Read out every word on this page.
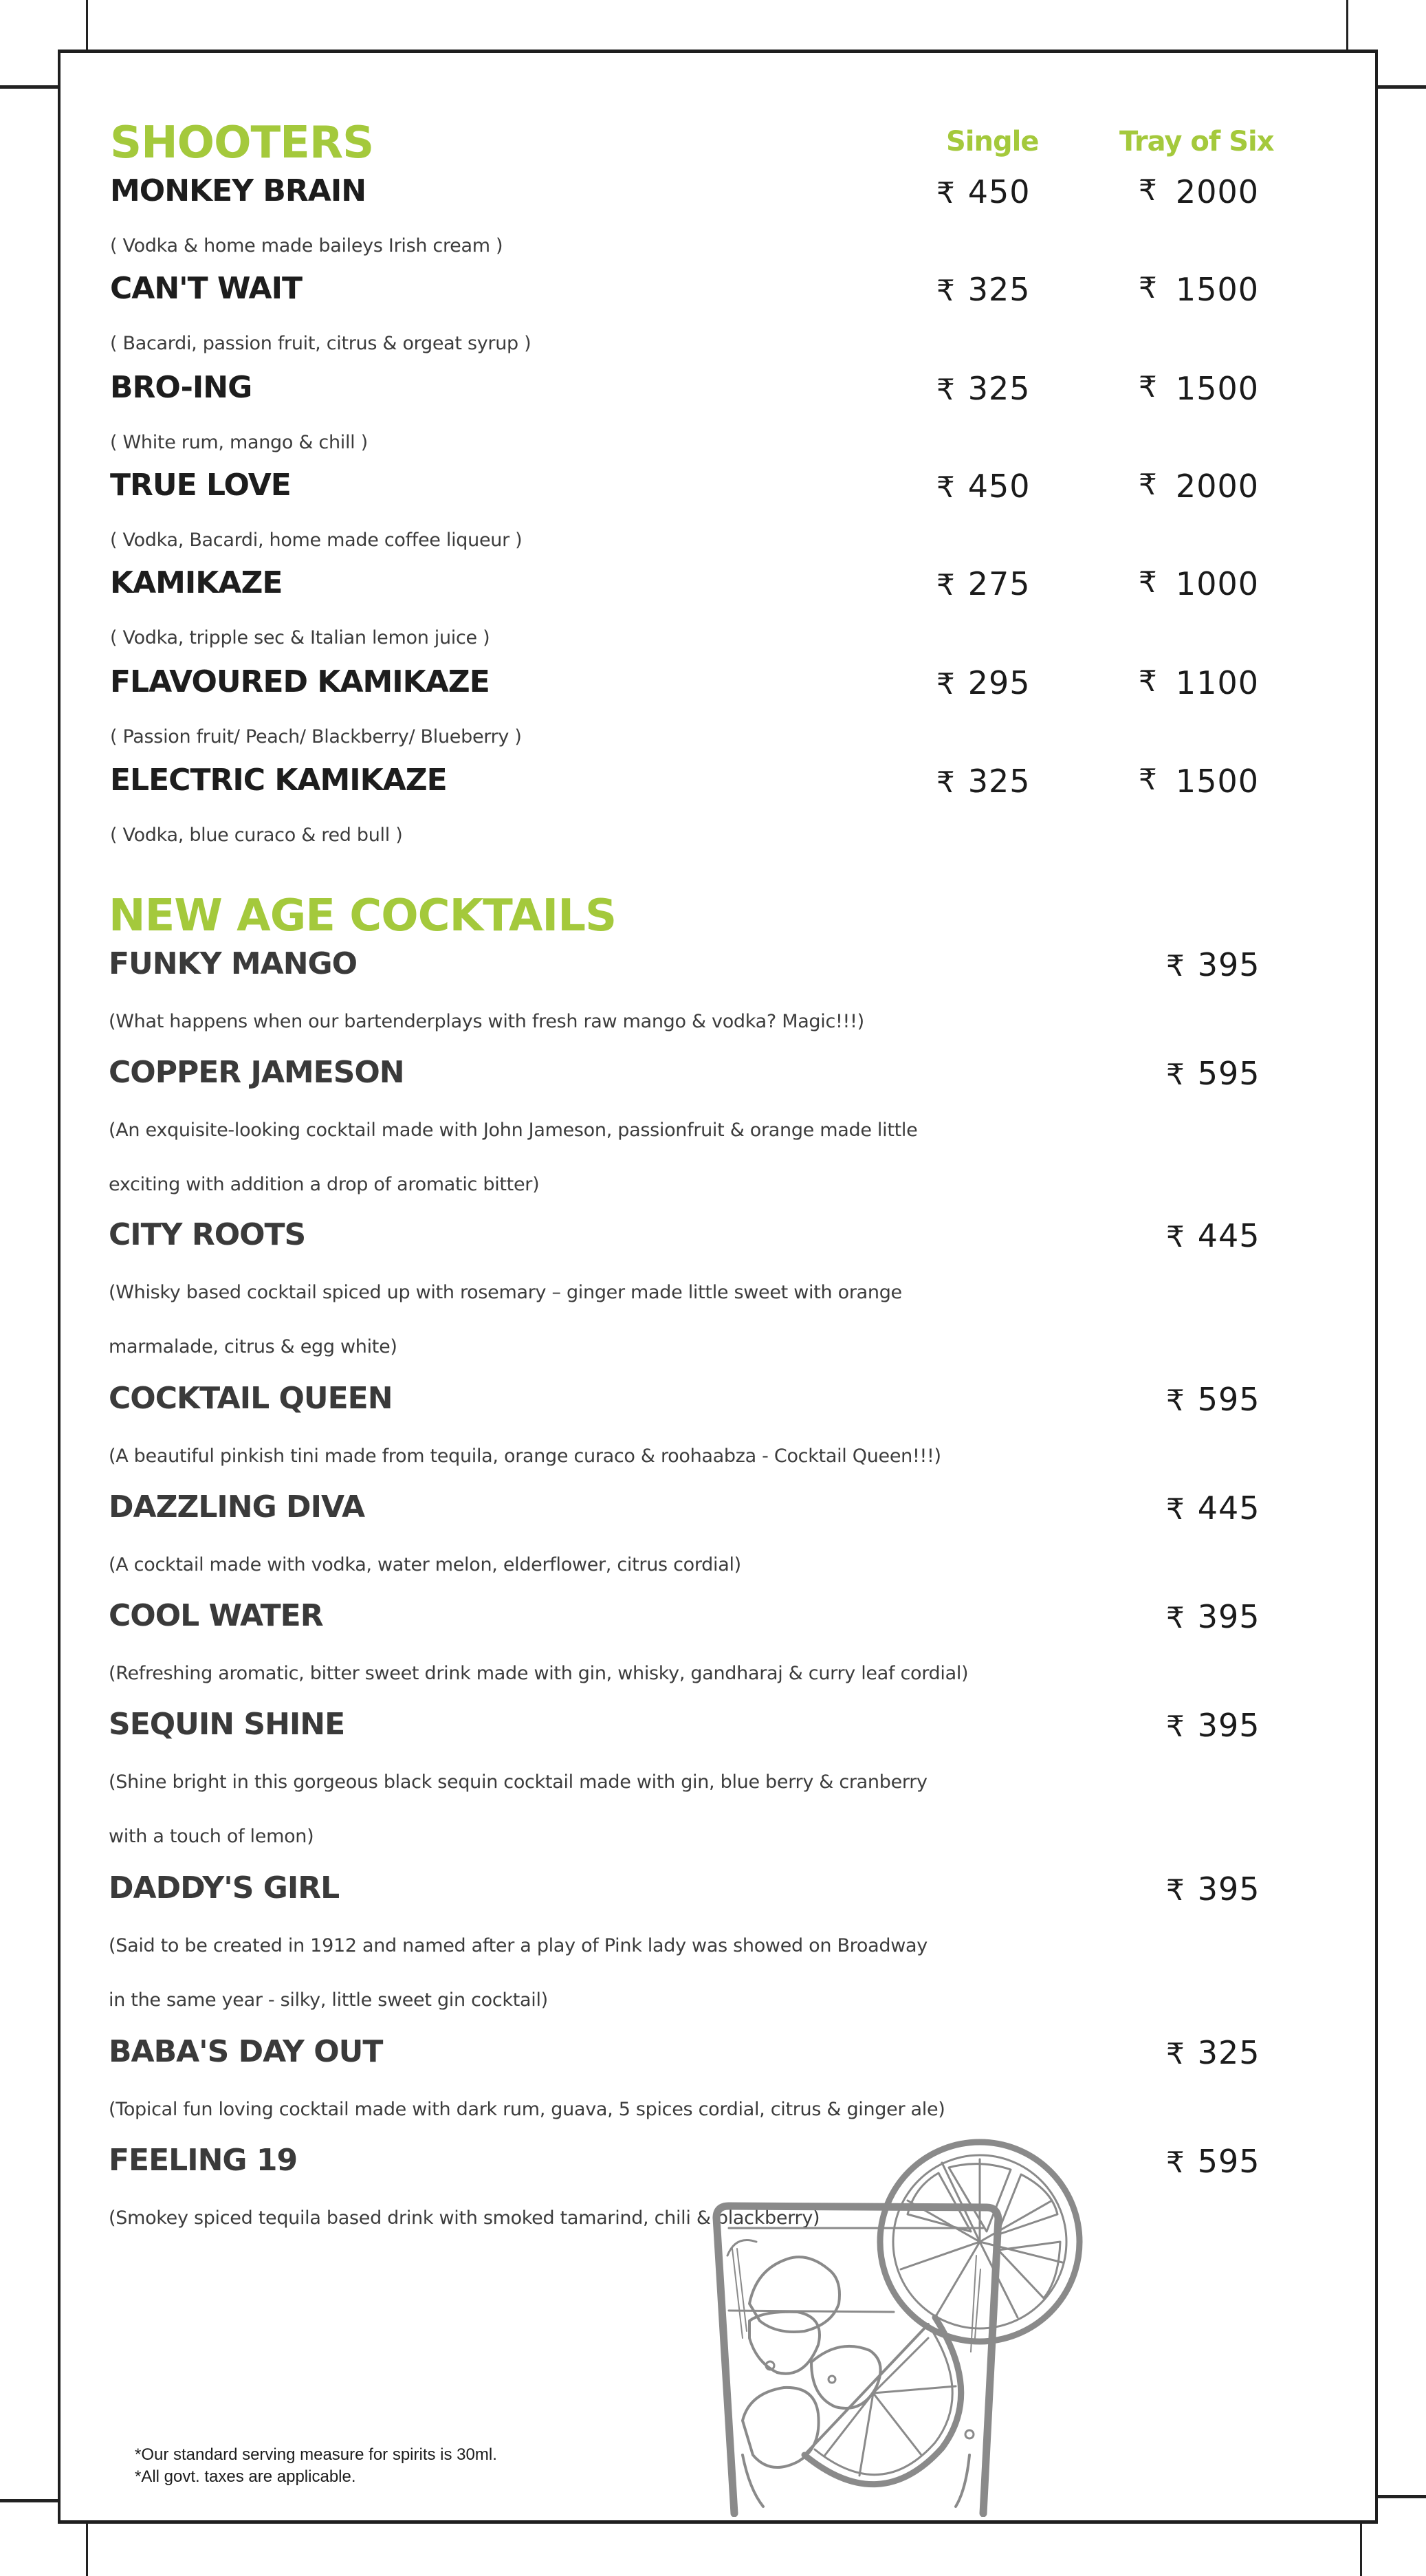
SHOOTERS	Single	Tray of Six
MONKEY BRAIN
( Vodka & home made baileys Irish cream )
₹ 450	₹ 2000
CAN'T WAIT
( Bacardi, passion fruit, citrus & orgeat syrup )
₹ 325	₹ 1500
BRO-ING
( White rum, mango & chill )
₹ 325	₹ 1500
TRUE LOVE
( Vodka, Bacardi, home made coffee liqueur )
₹ 450	₹ 2000
KAMIKAZE
( Vodka, tripple sec & Italian lemon juice )
₹ 275	₹ 1000
FLAVOURED KAMIKAZE
( Passion fruit/ Peach/ Blackberry/ Blueberry )
₹ 295	₹ 1100
ELECTRIC KAMIKAZE
( Vodka, blue curaco & red bull )
₹ 325	₹ 1500
NEW AGE COCKTAILS
FUNKY MANGO
(What happens when our bartenderplays with fresh raw mango & vodka? Magic!!!)
₹ 395
COPPER JAMESON
(An exquisite-looking cocktail made with John Jameson, passionfruit & orange made little
exciting with addition a drop of aromatic bitter)
₹ 595
CITY ROOTS
(Whisky based cocktail spiced up with rosemary – ginger made little sweet with orange
marmalade, citrus & egg white)
₹ 445
COCKTAIL QUEEN
(A beautiful pinkish tini made from tequila, orange curaco & roohaabza - Cocktail Queen!!!)
₹ 595
DAZZLING DIVA
(A cocktail made with vodka, water melon, elderflower, citrus cordial)
₹ 445
COOL WATER
(Refreshing aromatic, bitter sweet drink made with gin, whisky, gandharaj & curry leaf cordial)
₹ 395
SEQUIN SHINE
(Shine bright in this gorgeous black sequin cocktail made with gin, blue berry & cranberry
with a touch of lemon)
₹ 395
DADDY'S GIRL
(Said to be created in 1912 and named after a play of Pink lady was showed on Broadway
in the same year - silky, little sweet gin cocktail)
₹ 395
BABA'S DAY OUT
(Topical fun loving cocktail made with dark rum, guava, 5 spices cordial, citrus & ginger ale)
₹ 325
FEELING 19
(Smokey spiced tequila based drink with smoked tamarind, chili & blackberry)
₹ 595
*Our standard serving measure for spirits is 30ml.
*All govt. taxes are applicable.
